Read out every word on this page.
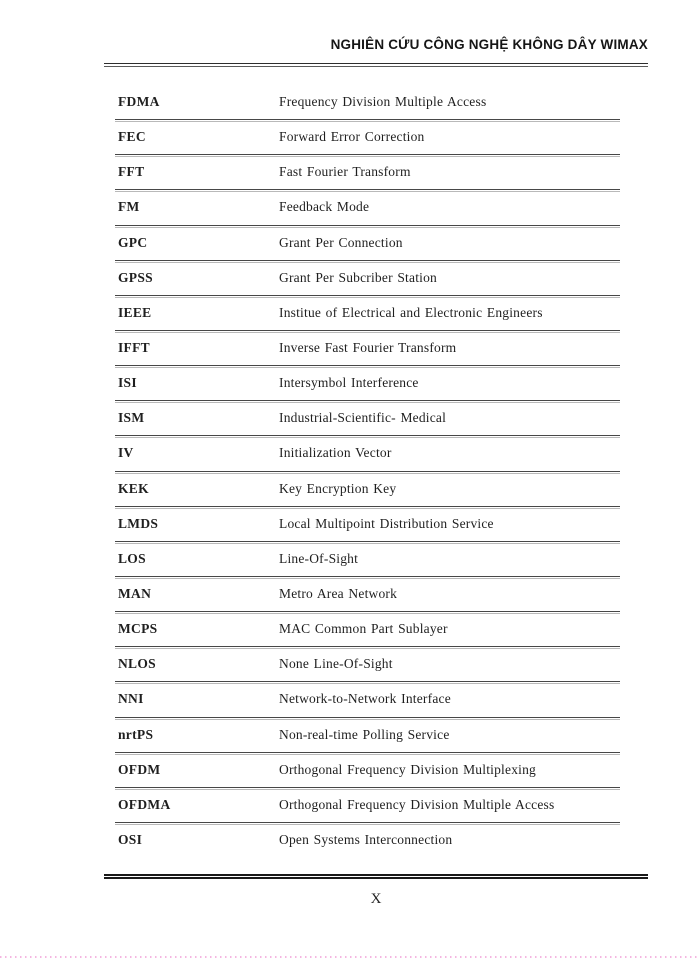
NGHIÊN CỨU CÔNG NGHỆ KHÔNG DÂY WIMAX
FDMA	Frequency Division Multiple Access
FEC	Forward Error Correction
FFT	Fast Fourier Transform
FM	Feedback Mode
GPC	Grant Per Connection
GPSS	Grant Per Subcriber Station
IEEE	Institue of Electrical and Electronic Engineers
IFFT	Inverse Fast Fourier Transform
ISI	Intersymbol Interference
ISM	Industrial-Scientific- Medical
IV	Initialization Vector
KEK	Key Encryption Key
LMDS	Local Multipoint Distribution Service
LOS	Line-Of-Sight
MAN	Metro Area Network
MCPS	MAC Common Part Sublayer
NLOS	None Line-Of-Sight
NNI	Network-to-Network Interface
nrtPS	Non-real-time Polling Service
OFDM	Orthogonal Frequency Division Multiplexing
OFDMA	Orthogonal Frequency Division Multiple Access
OSI	Open Systems Interconnection
X
